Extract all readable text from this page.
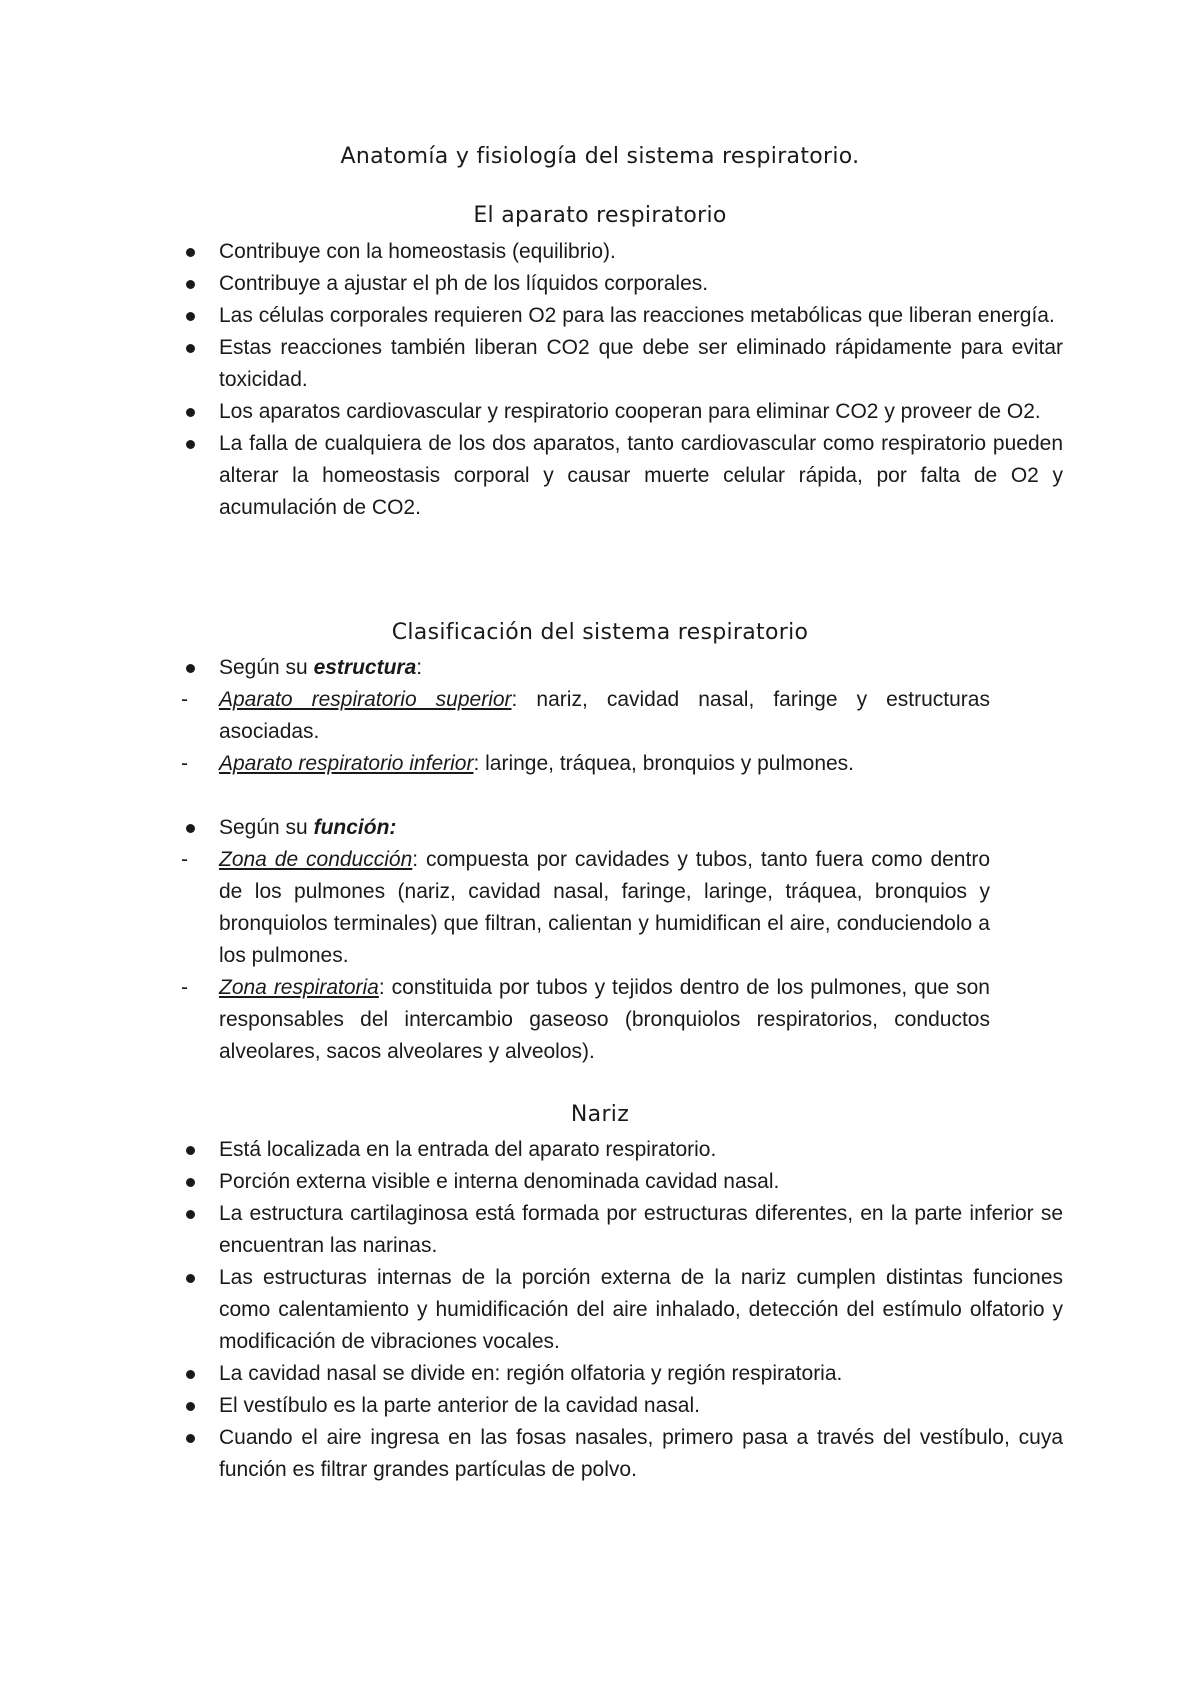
Anatomía y fisiología del sistema respiratorio.
El aparato respiratorio
Contribuye con la homeostasis (equilibrio).
Contribuye a ajustar el ph de los líquidos corporales.
Las células corporales requieren O2 para las reacciones metabólicas que liberan energía.
Estas reacciones también liberan CO2 que debe ser eliminado rápidamente para evitar toxicidad.
Los aparatos cardiovascular y respiratorio cooperan para eliminar CO2 y proveer de O2.
La falla de cualquiera de los dos aparatos, tanto cardiovascular como respiratorio pueden alterar la homeostasis corporal y causar muerte celular rápida, por falta de O2 y acumulación de CO2.
Clasificación del sistema respiratorio
Según su estructura:
- Aparato respiratorio superior: nariz, cavidad nasal, faringe y estructuras asociadas.
- Aparato respiratorio inferior: laringe, tráquea, bronquios y pulmones.
Según su función:
- Zona de conducción: compuesta por cavidades y tubos, tanto fuera como dentro de los pulmones (nariz, cavidad nasal, faringe, laringe, tráquea, bronquios y bronquiolos terminales) que filtran, calientan y humidifican el aire, conduciendolo a los pulmones.
- Zona respiratoria: constituida por tubos y tejidos dentro de los pulmones, que son responsables del intercambio gaseoso (bronquiolos respiratorios, conductos alveolares, sacos alveolares y alveolos).
Nariz
Está localizada en la entrada del aparato respiratorio.
Porción externa visible e interna denominada cavidad nasal.
La estructura cartilaginosa está formada por estructuras diferentes, en la parte inferior se encuentran las narinas.
Las estructuras internas de la porción externa de la nariz cumplen distintas funciones como calentamiento y humidificación del aire inhalado, detección del estímulo olfatorio y modificación de vibraciones vocales.
La cavidad nasal se divide en: región olfatoria y región respiratoria.
El vestíbulo es la parte anterior de la cavidad nasal.
Cuando el aire ingresa en las fosas nasales, primero pasa a través del vestíbulo, cuya función es filtrar grandes partículas de polvo.
